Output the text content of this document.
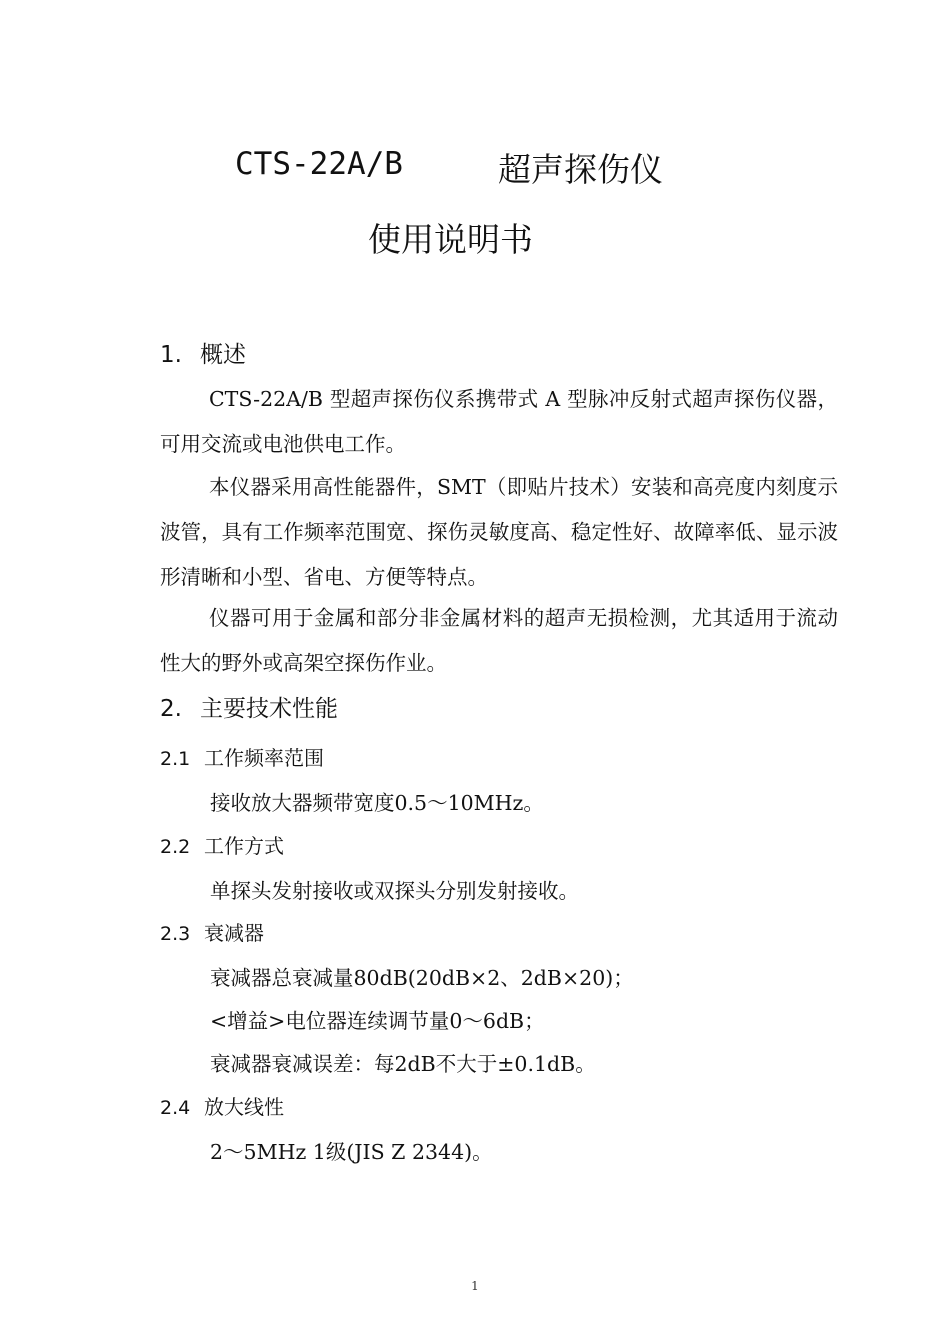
CTS-22A/B	超声探伤仪
使用说明书
1. 概述
CTS-22A/B 型超声探伤仪系携带式 A 型脉冲反射式超声探伤仪器，可用交流或电池供电工作。
本仪器采用高性能器件，SMT（即贴片技术）安装和高亮度内刻度示波管，具有工作频率范围宽、探伤灵敏度高、稳定性好、故障率低、显示波形清晰和小型、省电、方便等特点。
仪器可用于金属和部分非金属材料的超声无损检测，尤其适用于流动性大的野外或高架空探伤作业。
2. 主要技术性能
2.1 工作频率范围
接收放大器频带宽度0.5～10MHz。
2.2 工作方式
单探头发射接收或双探头分别发射接收。
2.3 衰减器
衰减器总衰减量80dB(20dB×2、2dB×20)；
<增益>电位器连续调节量0～6dB；
衰减器衰减误差：每2dB不大于±0.1dB。
2.4 放大线性
2～5MHz 1级(JIS Z 2344)。
1
